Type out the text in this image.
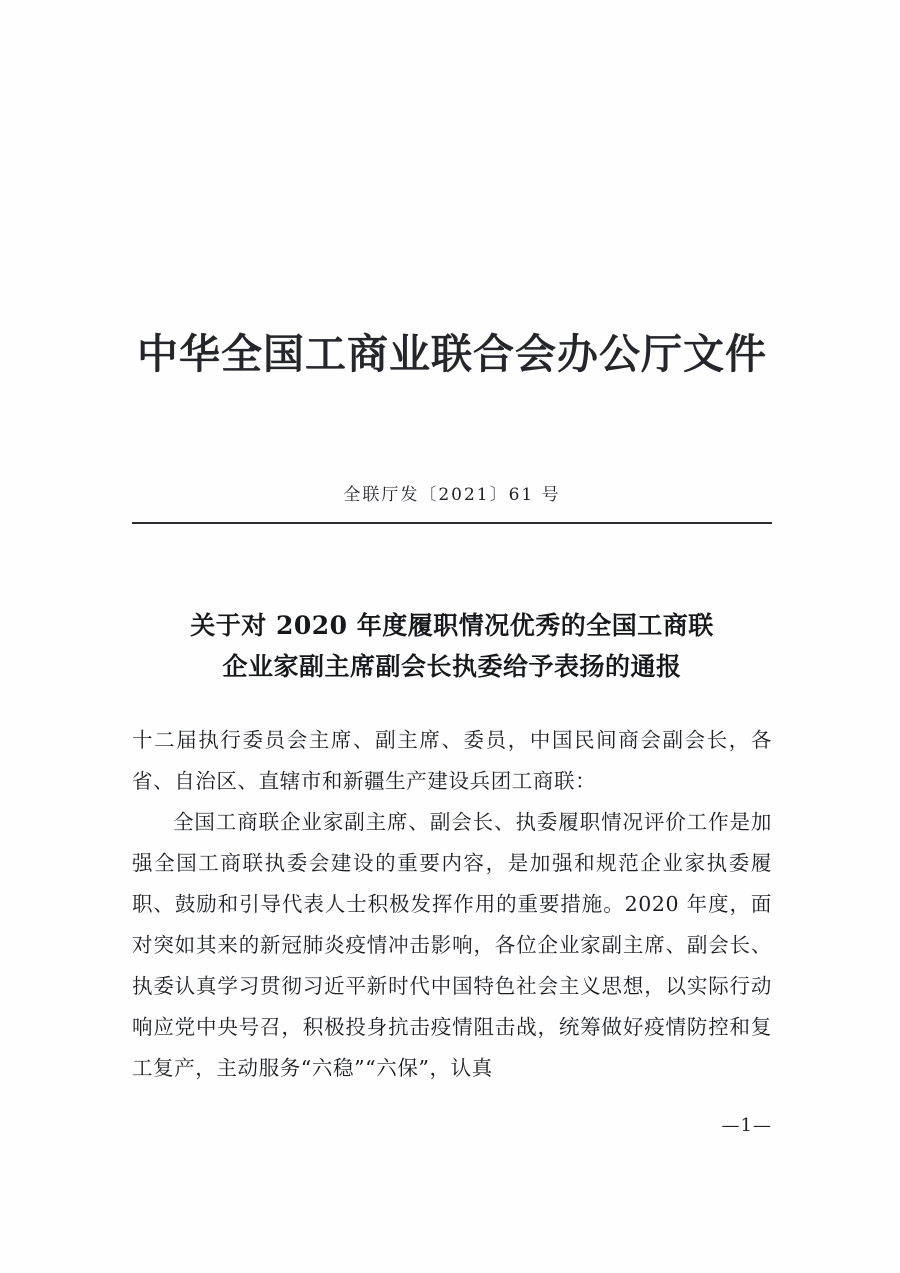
中华全国工商业联合会办公厅文件
全联厅发〔2021〕61 号
关于对 2020 年度履职情况优秀的全国工商联
企业家副主席副会长执委给予表扬的通报

十二届执行委员会主席、副主席、委员，中国民间商会副会长，各省、自治区、直辖市和新疆生产建设兵团工商联：

全国工商联企业家副主席、副会长、执委履职情况评价工作是加强全国工商联执委会建设的重要内容，是加强和规范企业家执委履职、鼓励和引导代表人士积极发挥作用的重要措施。2020 年度，面对突如其来的新冠肺炎疫情冲击影响，各位企业家副主席、副会长、执委认真学习贯彻习近平新时代中国特色社会主义思想，以实际行动响应党中央号召，积极投身抗击疫情阻击战，统筹做好疫情防控和复工复产，主动服务“六稳”“六保”，认真

—1—
